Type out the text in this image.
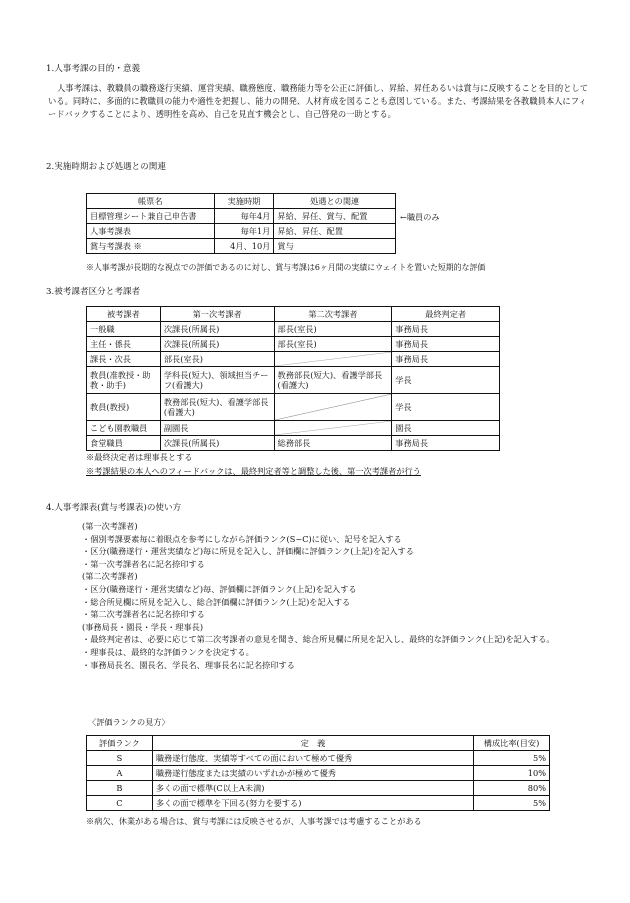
1.人事考課の目的・意義

人事考課は、教職員の職務遂行実績、運営実績、職務態度、職務能力等を公正に評価し、昇給、昇任あるいは賞与に反映することを目的としている。同時に、多面的に教職員の能力や適性を把握し、能力の開発、人材育成を図ることも意図している。また、考課結果を各教職員本人にフィードバックすることにより、透明性を高め、自己を見直す機会とし、自己啓発の一助とする。

2.実施時期および処遇との関連
帳票名	実施時期	処遇との関連
目標管理シート兼自己申告書	毎年4月	昇給、昇任、賞与、配置
人事考課表	毎年1月	昇給、昇任、配置
賞与考課表 ※	4月、10月	賞与
←職員のみ
※人事考課が長期的な視点での評価であるのに対し、賞与考課は6ヶ月間の実績にウェイトを置いた短期的な評価
3.被考課者区分と考課者
被考課者	第一次考課者	第二次考課者	最終判定者
一般職	次課長(所属長)	部長(室長)	事務局長
主任・係長	次課長(所属長)	部長(室長)	事務局長
課長・次長	部長(室長)		事務局長
教員(准教授・助教・助手)	学科長(短大)、領域担当チーフ(看護大)	教務部長(短大)、看護学部長(看護大)	学長
教員(教授)	教務部長(短大)、看護学部長(看護大)		学長
こども園教職員	副園長		園長
食堂職員	次課長(所属長)	総務部長	事務局長
※最終決定者は理事長とする
※考課結果の本人へのフィードバックは、最終判定者等と調整した後、第一次考課者が行う
4.人事考課表(賞与考課表)の使い方
(第一次考課者)
・個別考課要素毎に着眼点を参考にしながら評価ランク(S~C)に従い、記号を記入する
・区分(職務遂行・運営実績など)毎に所見を記入し、評価欄に評価ランク(上記)を記入する
・第一次考課者名に記名捺印する
(第二次考課者)
・区分(職務遂行・運営実績など)毎、評価欄に評価ランク(上記)を記入する
・総合所見欄に所見を記入し、総合評価欄に評価ランク(上記)を記入する
・第二次考課者名に記名捺印する
(事務局長・園長・学長・理事長)
・最終判定者は、必要に応じて第二次考課者の意見を聞き、総合所見欄に所見を記入し、最終的な評価ランク(上記)を記入する。
・理事長は、最終的な評価ランクを決定する。
・事務局長名、園長名、学長名、理事長名に記名捺印する
〈評価ランクの見方〉
評価ランク	定　義	構成比率(目安)
S	職務遂行態度、実績等すべての面において極めて優秀	5%
A	職務遂行態度または実績のいずれかが極めて優秀	10%
B	多くの面で標準(C以上A未満)	80%
C	多くの面で標準を下回る(努力を要する)	5%
※病欠、休業がある場合は、賞与考課には反映させるが、人事考課では考慮することがある
